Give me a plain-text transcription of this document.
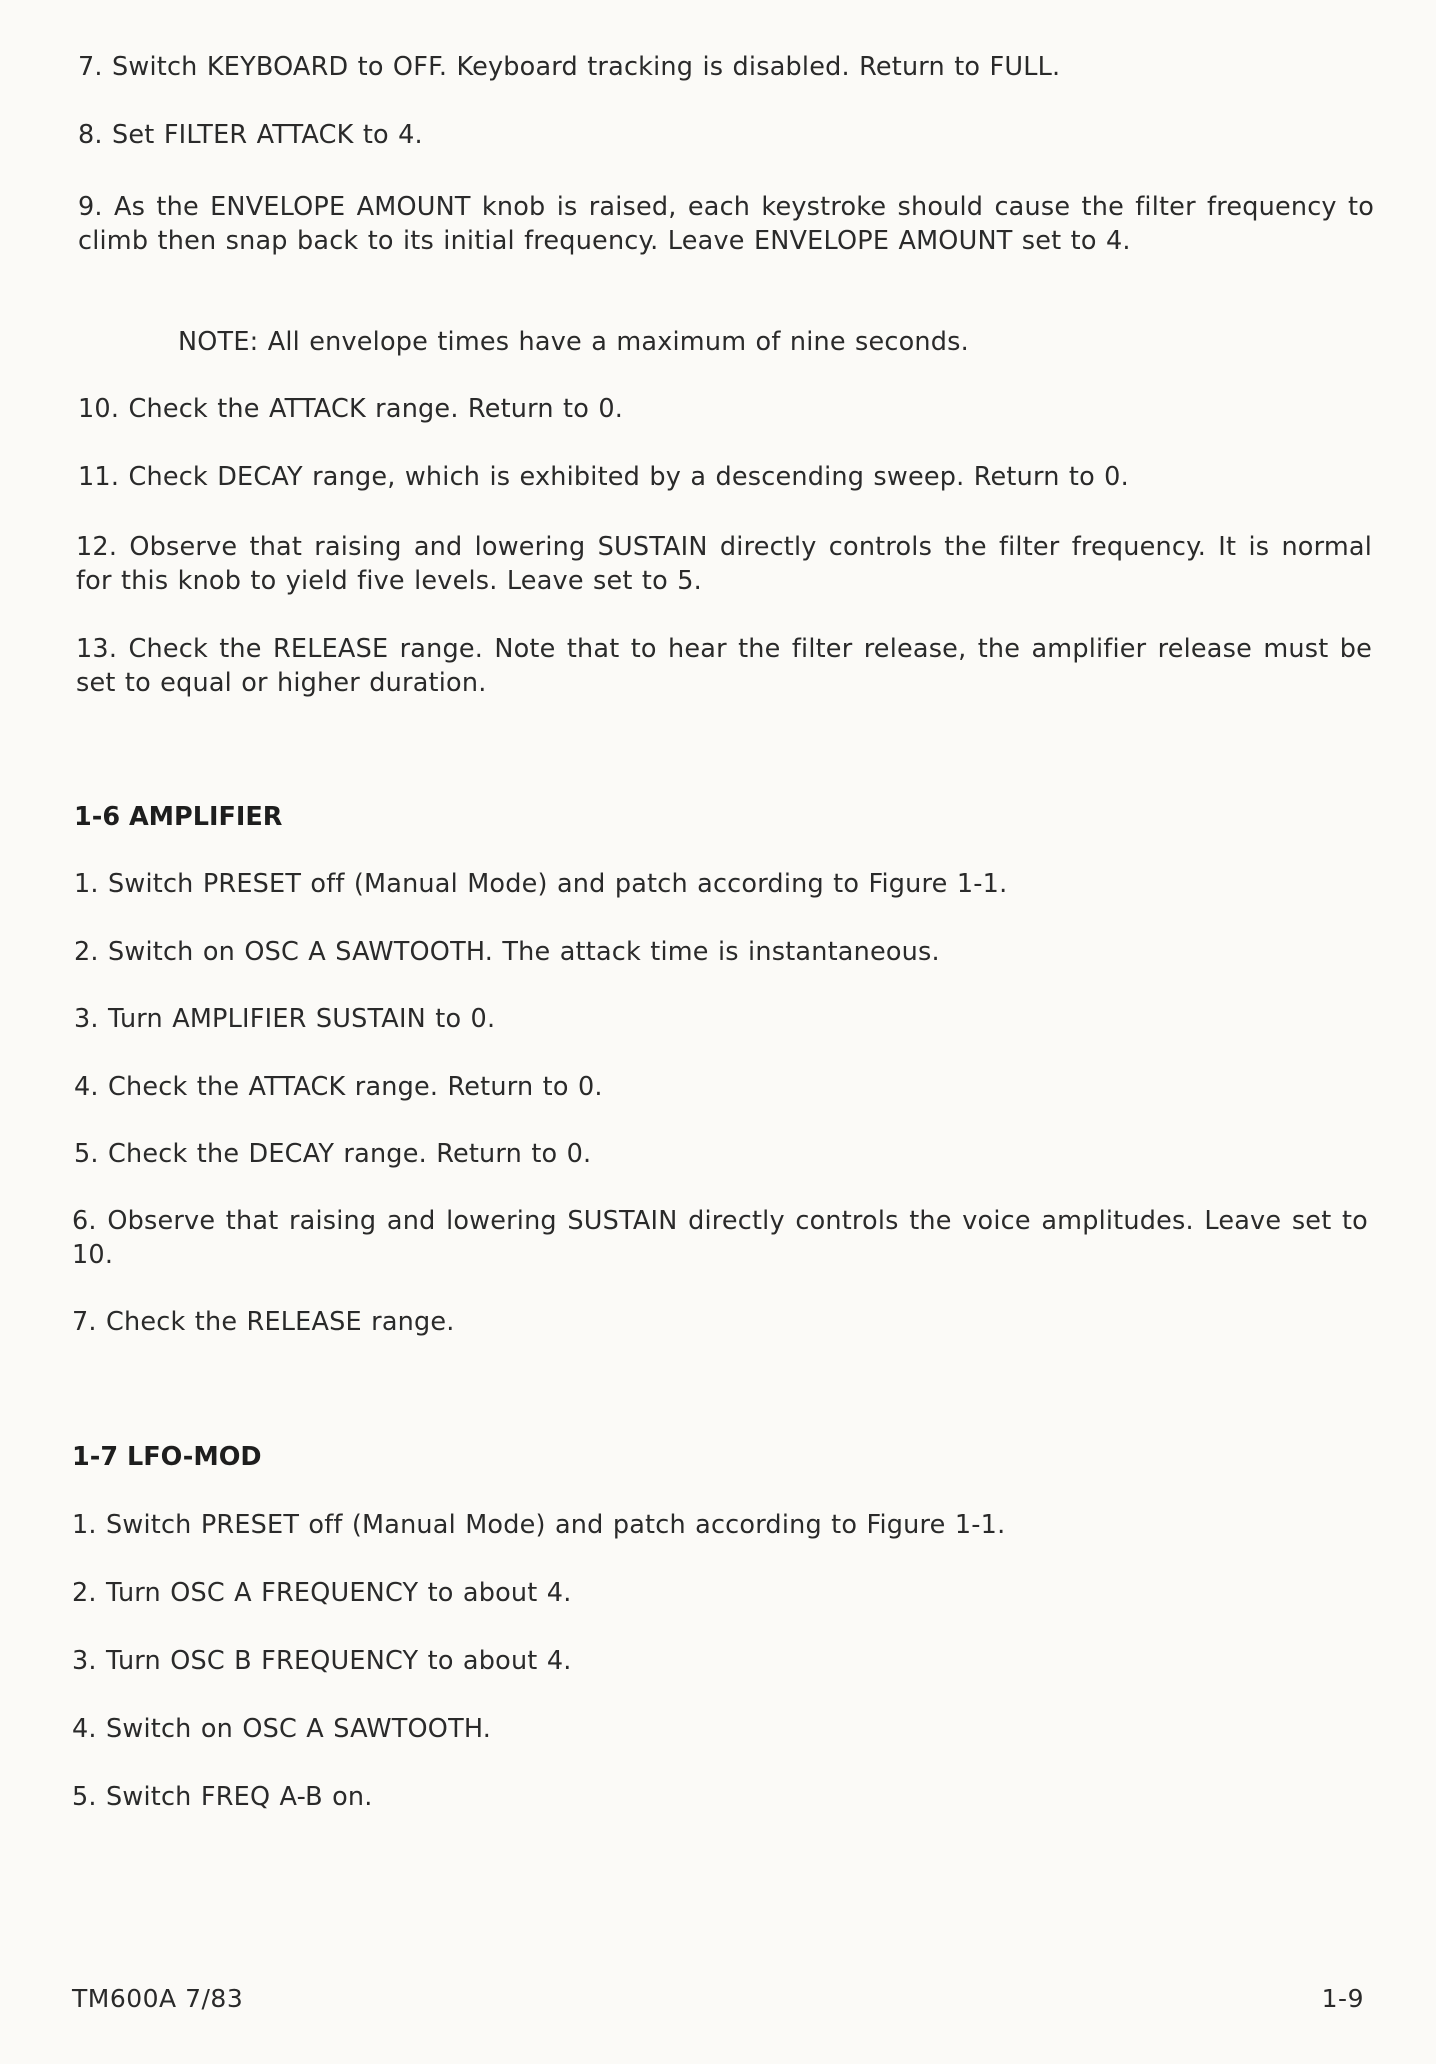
7. Switch KEYBOARD to OFF. Keyboard tracking is disabled. Return to FULL.

8. Set FILTER ATTACK to 4.

9. As the ENVELOPE AMOUNT knob is raised, each keystroke should cause the filter frequency to climb then snap back to its initial frequency. Leave ENVELOPE AMOUNT set to 4.

NOTE: All envelope times have a maximum of nine seconds.

10. Check the ATTACK range. Return to 0.

11. Check DECAY range, which is exhibited by a descending sweep. Return to 0.

12. Observe that raising and lowering SUSTAIN directly controls the filter frequency. It is normal for this knob to yield five levels. Leave set to 5.

13. Check the RELEASE range. Note that to hear the filter release, the amplifier release must be set to equal or higher duration.

1-6 AMPLIFIER

1. Switch PRESET off (Manual Mode) and patch according to Figure 1-1.

2. Switch on OSC A SAWTOOTH. The attack time is instantaneous.

3. Turn AMPLIFIER SUSTAIN to 0.

4. Check the ATTACK range. Return to 0.

5. Check the DECAY range. Return to 0.

6. Observe that raising and lowering SUSTAIN directly controls the voice amplitudes. Leave set to 10.

7. Check the RELEASE range.

1-7 LFO-MOD

1. Switch PRESET off (Manual Mode) and patch according to Figure 1-1.

2. Turn OSC A FREQUENCY to about 4.

3. Turn OSC B FREQUENCY to about 4.

4. Switch on OSC A SAWTOOTH.

5. Switch FREQ A-B on.

TM600A 7/83	1-9
